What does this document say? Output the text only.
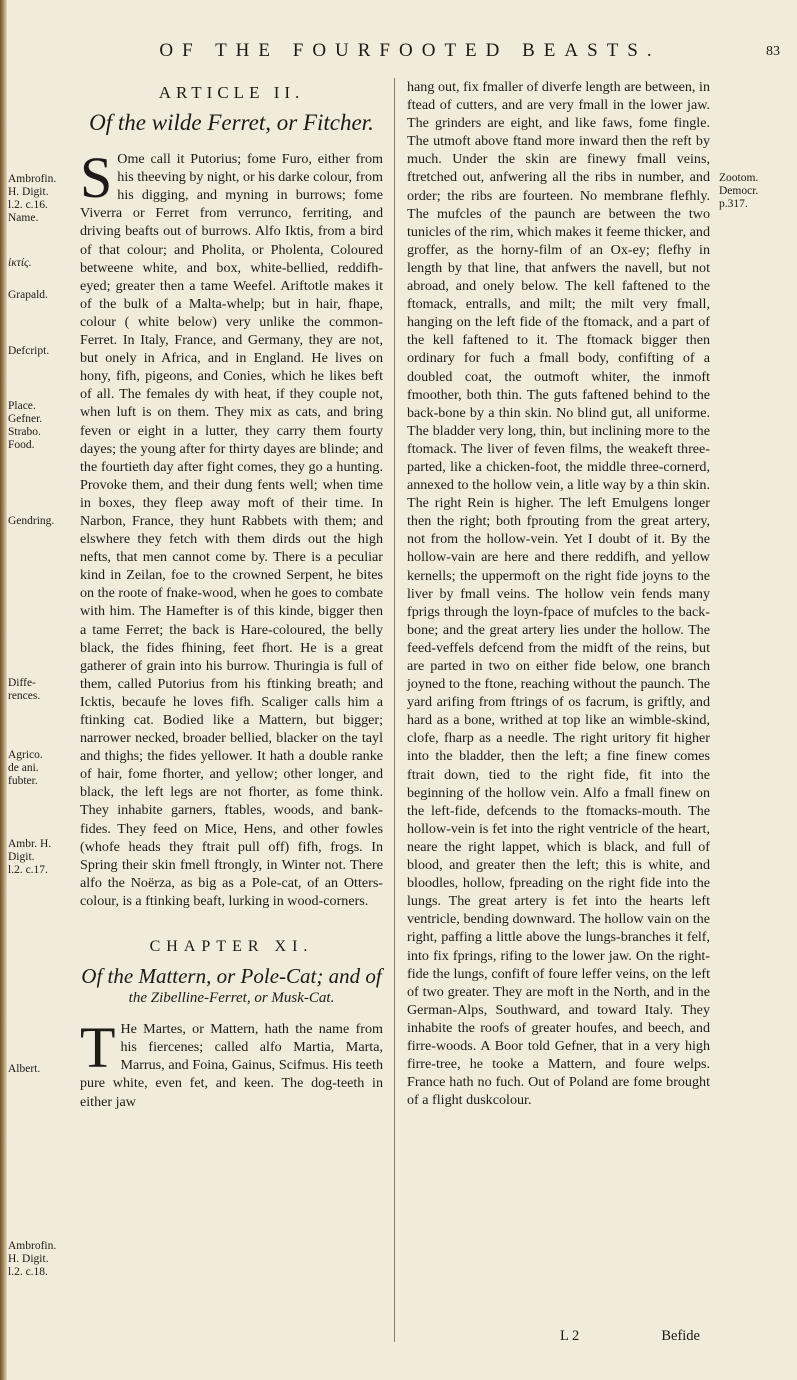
OF THE FOURFOOTED BEASTS.	83
Ambrofin.
H. Digit.
l.2. c.16.
Name.
ἰκτίς.
Grapald.
Defcript.
Place.
Gefner.
Strabo.
Food.
Gendring.
Diffe-
rences.
Agrico.
de ani.
fubter.
Ambr. H.
Digit.
l.2. c.17.
Albert.
Ambrofin.
H. Digit.
l.2. c.18.
Zootom.
Democr.
p.317.
ARTICLE II.
Of the wilde Ferret, or Fitcher.

S Ome call it Putorius; fome Furo, either from his theeving by night, or his darke colour, from his digging, and myning in burrows; fome Viverra or Ferret from verrunco, ferriting, and driving beafts out of burrows. Alfo Iktis, from a bird of that colour; and Pholita, or Pholenta, Coloured betweene white, and box, white-bellied, reddifh-eyed; greater then a tame Weefel. Ariftotle makes it of the bulk of a Malta-whelp; but in hair, fhape, colour ( white below) very unlike the common-Ferret. In Italy, France, and Germany, they are not, but onely in Africa, and in England. He lives on hony, fifh, pigeons, and Conies, which he likes beft of all. The females dy with heat, if they couple not, when luft is on them. They mix as cats, and bring feven or eight in a lutter, they carry them fourty dayes; the young after for thirty dayes are blinde; and the fourtieth day after fight comes, they go a hunting. Provoke them, and their dung fents well; when time in boxes, they fleep away moft of their time. In Narbon, France, they hunt Rabbets with them; and elswhere they fetch with them dirds out the high nefts, that men cannot come by. There is a peculiar kind in Zeilan, foe to the crowned Serpent, he bites on the roote of fnake-wood, when he goes to combate with him. The Hamefter is of this kinde, bigger then a tame Ferret; the back is Hare-coloured, the belly black, the fides fhining, feet fhort. He is a great gatherer of grain into his burrow. Thuringia is full of them, called Putorius from his ftinking breath; and Icktis, becaufe he loves fifh. Scaliger calls him a ftinking cat. Bodied like a Mattern, but bigger; narrower necked, broader bellied, blacker on the tayl and thighs; the fides yellower. It hath a double ranke of hair, fome fhorter, and yellow; other longer, and black, the left legs are not fhorter, as fome think. They inhabite garners, ftables, woods, and bank-fides. They feed on Mice, Hens, and other fowles (whofe heads they ftrait pull off) fifh, frogs. In Spring their skin fmell ftrongly, in Winter not. There alfo the Noërza, as big as a Pole-cat, of an Otters-colour, is a ftinking beaft, lurking in wood-corners.

CHAPTER XI.
Of the Mattern, or Pole-Cat; and of
the Zibelline-Ferret, or Musk-Cat.

T He Martes, or Mattern, hath the name from his fiercenes; called alfo Martia, Marta, Marrus, and Foina, Gainus, Scifmus. His teeth pure white, even fet, and keen. The dog-teeth in either jaw

hang out, fix fmaller of diverfe length are between, in ftead of cutters, and are very fmall in the lower jaw. The grinders are eight, and like faws, fome fingle. The utmoft above ftand more inward then the reft by much. Under the skin are finewy fmall veins, ftretched out, anfwering all the ribs in number, and order; the ribs are fourteen. No membrane flefhly. The mufcles of the paunch are between the two tunicles of the rim, which makes it feeme thicker, and groffer, as the horny-film of an Ox-ey; flefhy in length by that line, that anfwers the navell, but not abroad, and onely below. The kell faftened to the ftomack, entralls, and milt; the milt very fmall, hanging on the left fide of the ftomack, and a part of the kell faftened to it. The ftomack bigger then ordinary for fuch a fmall body, confifting of a doubled coat, the outmoft whiter, the inmoft fmoother, both thin. The guts faftened behind to the back-bone by a thin skin. No blind gut, all uniforme. The bladder very long, thin, but inclining more to the ftomack. The liver of feven films, the weakeft three-parted, like a chicken-foot, the middle three-cornerd, annexed to the hollow vein, a litle way by a thin skin. The right Rein is higher. The left Emulgens longer then the right; both fprouting from the great artery, not from the hollow-vein. Yet I doubt of it. By the hollow-vain are here and there reddifh, and yellow kernells; the uppermoft on the right fide joyns to the liver by fmall veins. The hollow vein fends many fprigs through the loyn-fpace of mufcles to the back-bone; and the great artery lies under the hollow. The feed-veffels defcend from the midft of the reins, but are parted in two on either fide below, one branch joyned to the ftone, reaching without the paunch. The yard arifing from ftrings of os facrum, is griftly, and hard as a bone, writhed at top like an wimble-skind, clofe, fharp as a needle. The right uritory fit higher into the bladder, then the left; a fine finew comes ftrait down, tied to the right fide, fit into the beginning of the hollow vein. Alfo a fmall finew on the left-fide, defcends to the ftomacks-mouth. The hollow-vein is fet into the right ventricle of the heart, neare the right lappet, which is black, and full of blood, and greater then the left; this is white, and bloodles, hollow, fpreading on the right fide into the lungs. The great artery is fet into the hearts left ventricle, bending downward. The hollow vain on the right, paffing a little above the lungs-branches it felf, into fix fprings, rifing to the lower jaw. On the right-fide the lungs, confift of foure leffer veins, on the left of two greater. They are moft in the North, and in the German-Alps, Southward, and toward Italy. They inhabite the roofs of greater houfes, and beech, and firre-woods. A Boor told Gefner, that in a very high firre-tree, he tooke a Mattern, and foure welps. France hath no fuch. Out of Poland are fome brought of a flight duskcolour.

L 2	Befide
